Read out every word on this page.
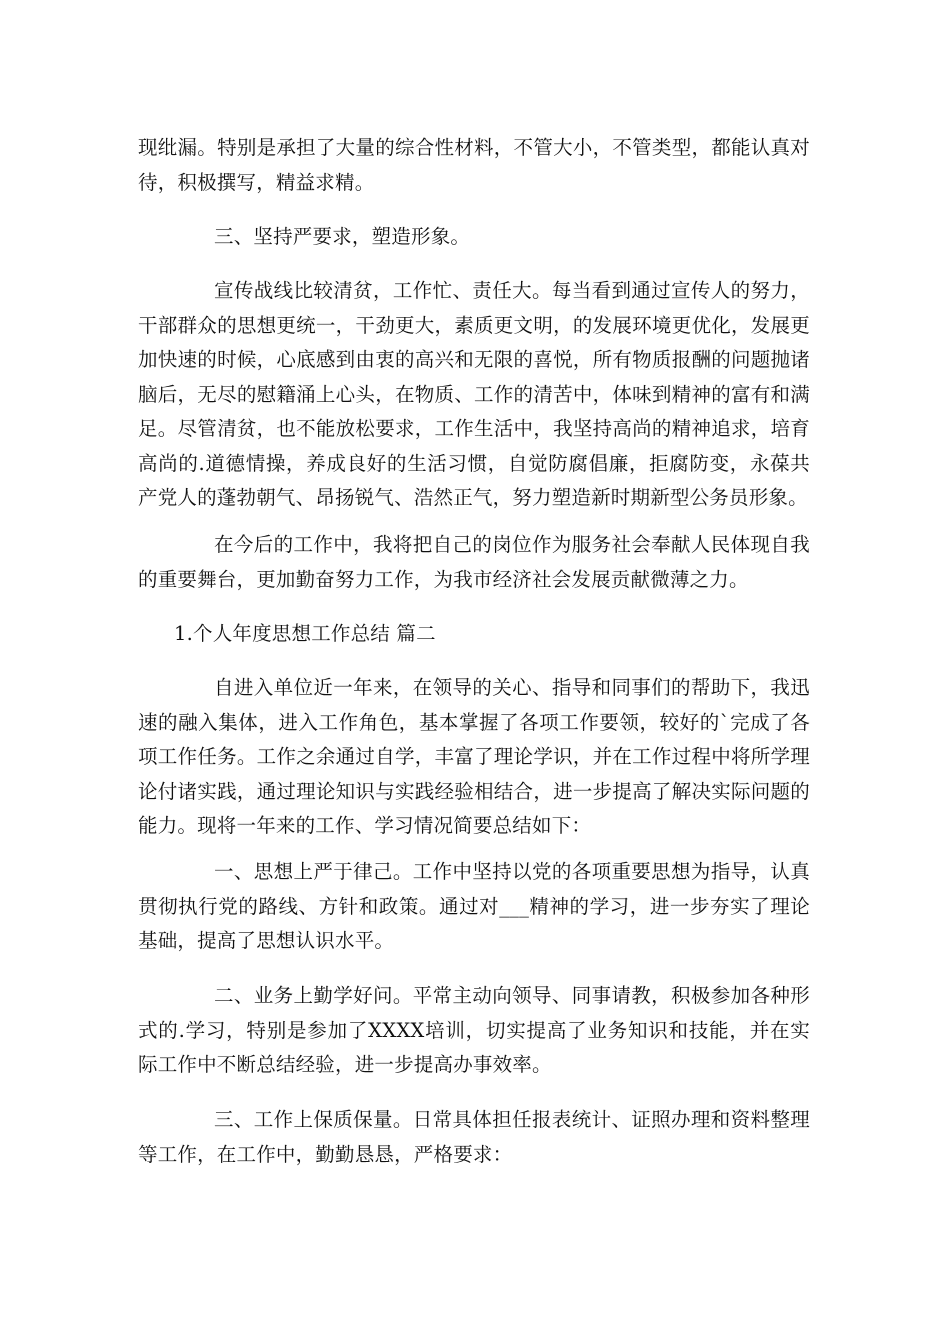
现纰漏。特别是承担了大量的综合性材料，不管大小，不管类型，都能认真对待，积极撰写，精益求精。

三、坚持严要求，塑造形象。

宣传战线比较清贫，工作忙、责任大。每当看到通过宣传人的努力，干部群众的思想更统一，干劲更大，素质更文明，的发展环境更优化，发展更加快速的时候，心底感到由衷的高兴和无限的喜悦，所有物质报酬的问题抛诸脑后，无尽的慰籍涌上心头，在物质、工作的清苦中，体味到精神的富有和满足。尽管清贫，也不能放松要求，工作生活中，我坚持高尚的精神追求，培育高尚的.道德情操，养成良好的生活习惯，自觉防腐倡廉，拒腐防变，永葆共产党人的蓬勃朝气、昂扬锐气、浩然正气，努力塑造新时期新型公务员形象。

在今后的工作中，我将把自己的岗位作为服务社会奉献人民体现自我的重要舞台，更加勤奋努力工作，为我市经济社会发展贡献微薄之力。

1.个人年度思想工作总结 篇二

自进入单位近一年来，在领导的关心、指导和同事们的帮助下，我迅速的融入集体，进入工作角色，基本掌握了各项工作要领，较好的`完成了各项工作任务。工作之余通过自学，丰富了理论学识，并在工作过程中将所学理论付诸实践，通过理论知识与实践经验相结合，进一步提高了解决实际问题的能力。现将一年来的工作、学习情况简要总结如下：

一、思想上严于律己。工作中坚持以党的各项重要思想为指导，认真贯彻执行党的路线、方针和政策。通过对___精神的学习，进一步夯实了理论基础，提高了思想认识水平。

二、业务上勤学好问。平常主动向领导、同事请教，积极参加各种形式的.学习，特别是参加了XXXX培训，切实提高了业务知识和技能，并在实际工作中不断总结经验，进一步提高办事效率。

三、工作上保质保量。日常具体担任报表统计、证照办理和资料整理等工作，在工作中，勤勤恳恳，严格要求：
